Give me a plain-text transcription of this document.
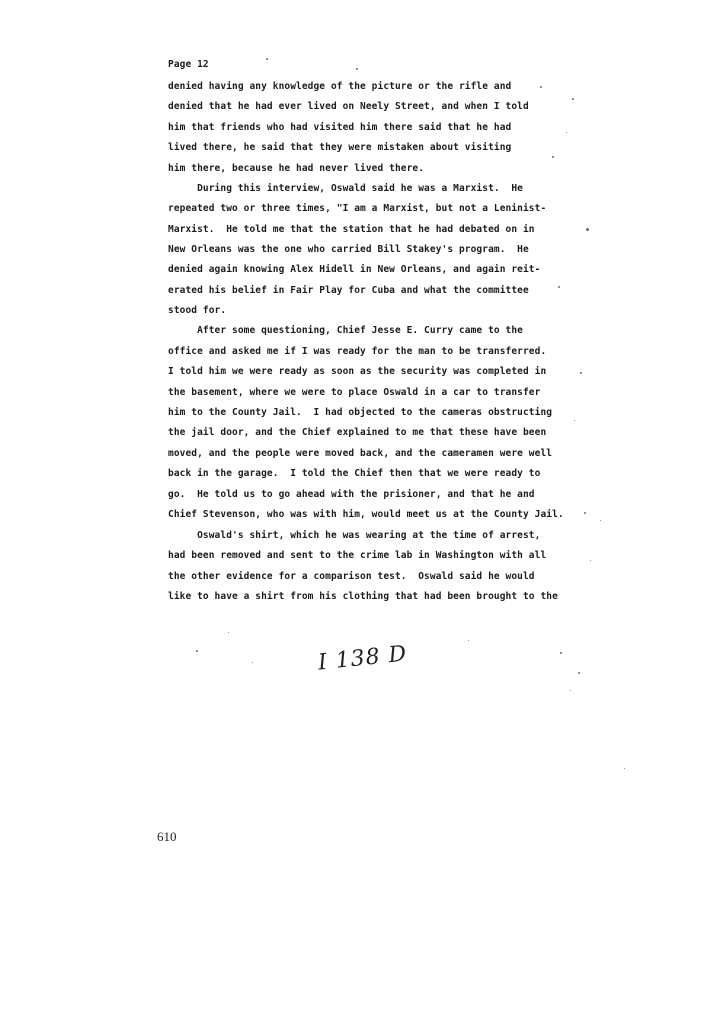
Page 12

denied having any knowledge of the picture or the rifle and

denied that he had ever lived on Neely Street, and when I told

him that friends who had visited him there said that he had

lived there, he said that they were mistaken about visiting

him there, because he had never lived there.

During this interview, Oswald said he was a Marxist.  He

repeated two or three times, "I am a Marxist, but not a Leninist-

Marxist.  He told me that the station that he had debated on in

New Orleans was the one who carried Bill Stakey's program.  He

denied again knowing Alex Hidell in New Orleans, and again reit-

erated his belief in Fair Play for Cuba and what the committee

stood for.

After some questioning, Chief Jesse E. Curry came to the

office and asked me if I was ready for the man to be transferred.

I told him we were ready as soon as the security was completed in

the basement, where we were to place Oswald in a car to transfer

him to the County Jail.  I had objected to the cameras obstructing

the jail door, and the Chief explained to me that these have been

moved, and the people were moved back, and the cameramen were well

back in the garage.  I told the Chief then that we were ready to

go.  He told us to go ahead with the prisioner, and that he and

Chief Stevenson, who was with him, would meet us at the County Jail.

Oswald's shirt, which he was wearing at the time of arrest,

had been removed and sent to the crime lab in Washington with all

the other evidence for a comparison test.  Oswald said he would

like to have a shirt from his clothing that had been brought to the

I 138 D
610
